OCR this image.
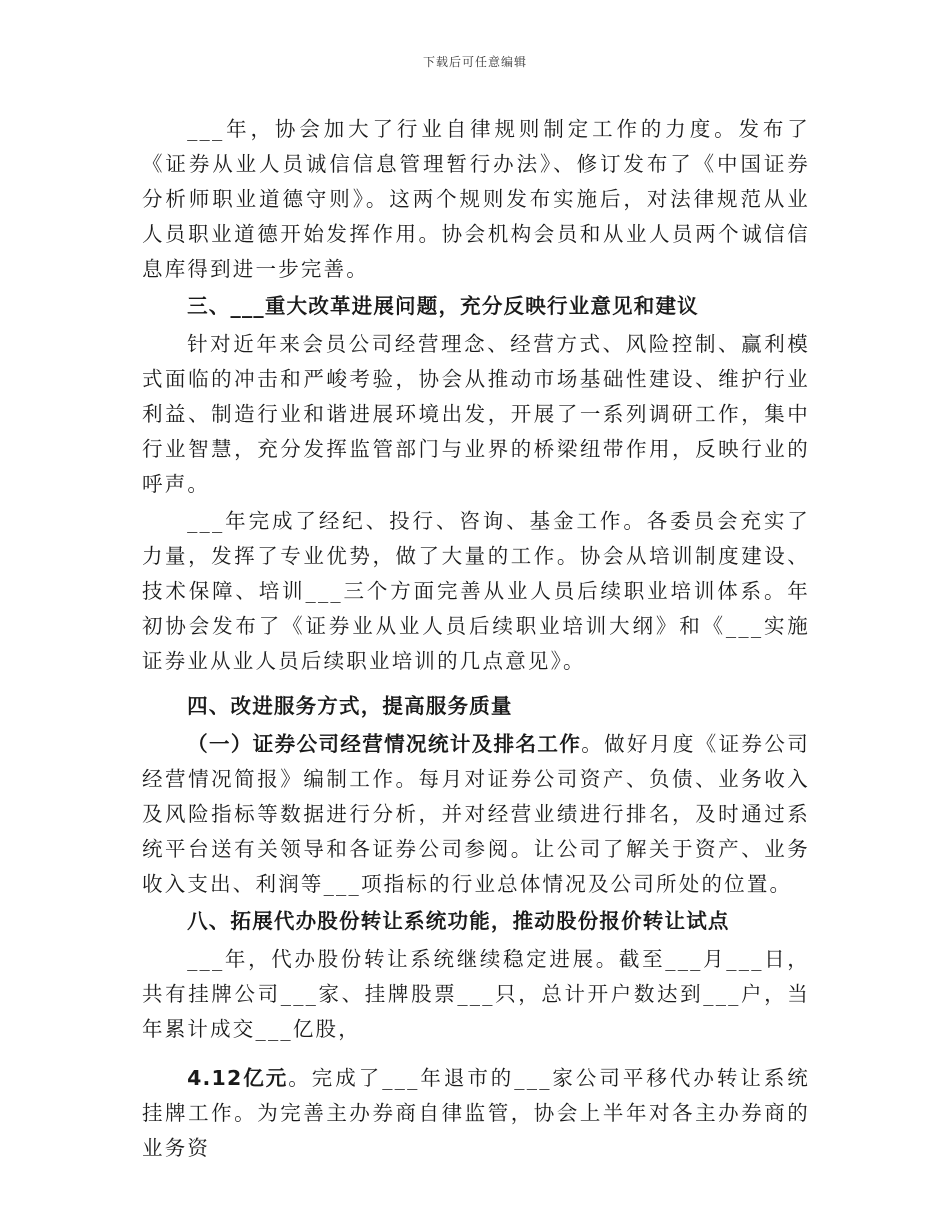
下载后可任意编辑

___年，协会加大了行业自律规则制定工作的力度。发布了《证券从业人员诚信信息管理暂行办法》、修订发布了《中国证券分析师职业道德守则》。这两个规则发布实施后，对法律规范从业人员职业道德开始发挥作用。协会机构会员和从业人员两个诚信信息库得到进一步完善。

三、___重大改革进展问题，充分反映行业意见和建议

针对近年来会员公司经营理念、经营方式、风险控制、赢利模式面临的冲击和严峻考验，协会从推动市场基础性建设、维护行业利益、制造行业和谐进展环境出发，开展了一系列调研工作，集中行业智慧，充分发挥监管部门与业界的桥梁纽带作用，反映行业的呼声。

___年完成了经纪、投行、咨询、基金工作。各委员会充实了力量，发挥了专业优势，做了大量的工作。协会从培训制度建设、技术保障、培训___三个方面完善从业人员后续职业培训体系。年初协会发布了《证券业从业人员后续职业培训大纲》和《___实施证券业从业人员后续职业培训的几点意见》。

四、改进服务方式，提高服务质量

（一）证券公司经营情况统计及排名工作。做好月度《证券公司经营情况简报》编制工作。每月对证券公司资产、负债、业务收入及风险指标等数据进行分析，并对经营业绩进行排名，及时通过系统平台送有关领导和各证券公司参阅。让公司了解关于资产、业务收入支出、利润等___项指标的行业总体情况及公司所处的位置。

八、拓展代办股份转让系统功能，推动股份报价转让试点

___年，代办股份转让系统继续稳定进展。截至___月___日，共有挂牌公司___家、挂牌股票___只，总计开户数达到___户，当年累计成交___亿股，

4.12亿元。完成了___年退市的___家公司平移代办转让系统挂牌工作。为完善主办券商自律监管，协会上半年对各主办券商的业务资
